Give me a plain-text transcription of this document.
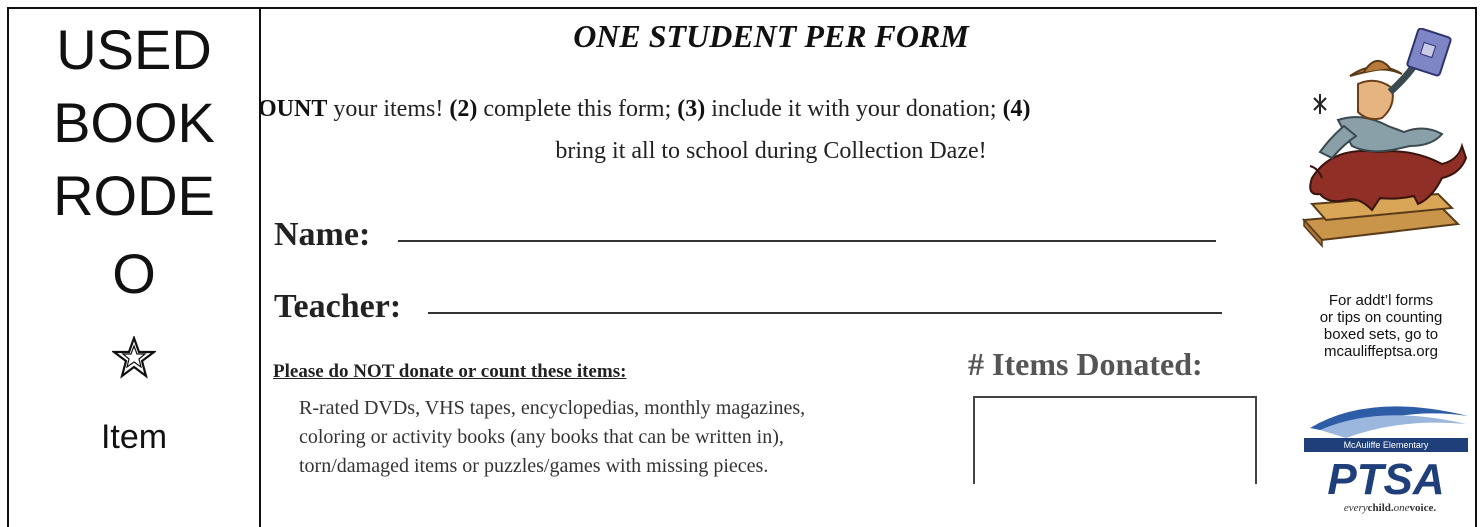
USED
BOOK
RODE
O
Item
ONE STUDENT PER FORM
OUNT your items! (2) complete this form; (3) include it with your donation; (4)
bring it all to school during Collection Daze!
Name:
Teacher:
Please do NOT donate or count these items:
R-rated DVDs, VHS tapes, encyclopedias, monthly magazines,
coloring or activity books (any books that can be written in),
torn/damaged items or puzzles/games with missing pieces.
# Items Donated:
For addt’l forms
or tips on counting
boxed sets, go to
mcauliffeptsa.org
McAuliffe Elementary
PTSA
everychild.onevoice.
